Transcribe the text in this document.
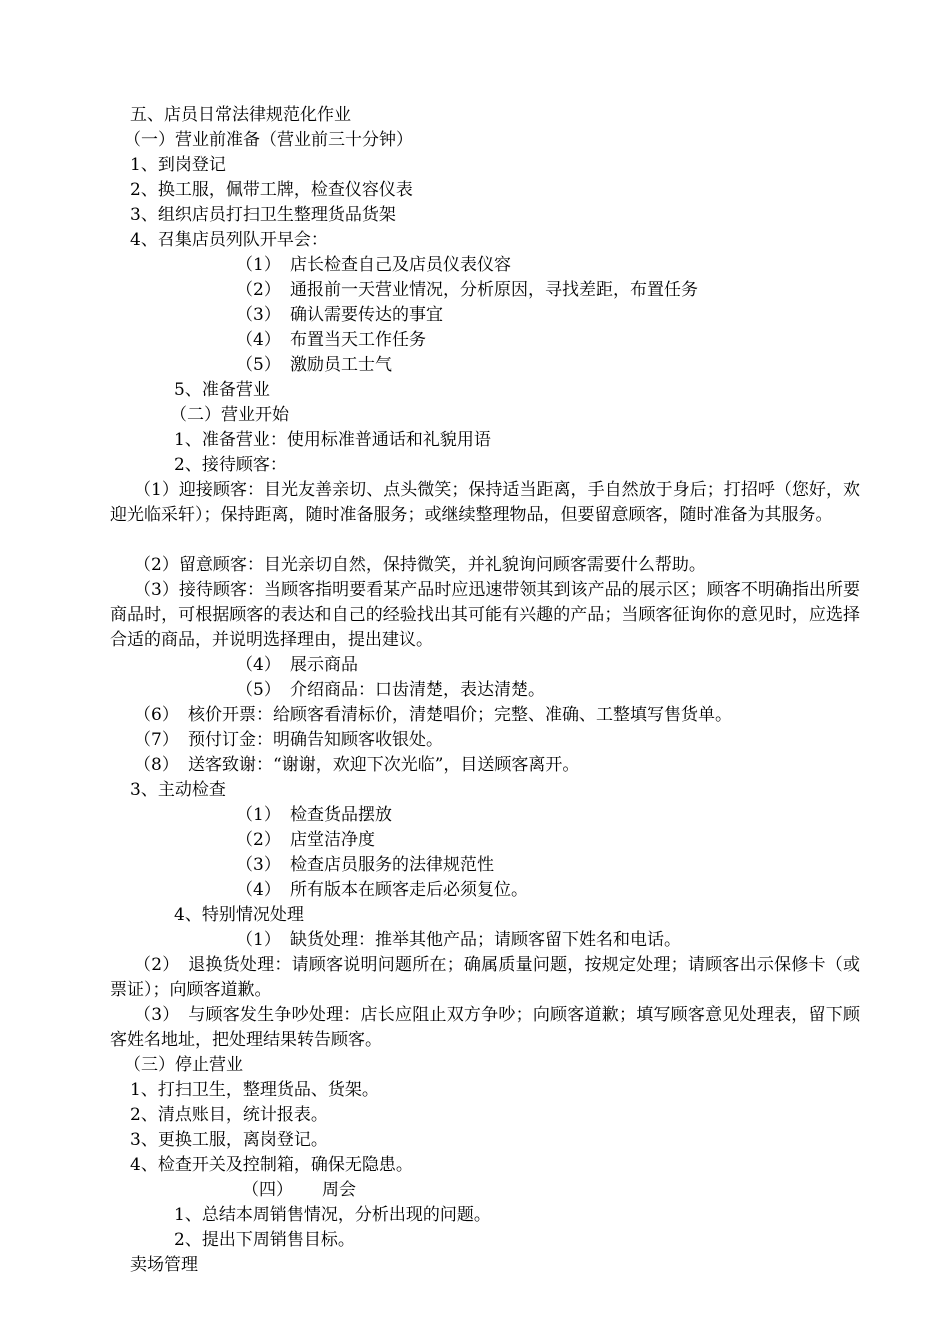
五、店员日常法律规范化作业

（一）营业前准备（营业前三十分钟）

1、到岗登记

2、换工服，佩带工牌，检查仪容仪表

3、组织店员打扫卫生整理货品货架

4、召集店员列队开早会：

（1） 店长检查自己及店员仪表仪容

（2） 通报前一天营业情况，分析原因，寻找差距，布置任务

（3） 确认需要传达的事宜

（4） 布置当天工作任务

（5） 激励员工士气

5、准备营业

（二）营业开始

1、准备营业：使用标准普通话和礼貌用语

2、接待顾客：

（1）迎接顾客：目光友善亲切、点头微笑；保持适当距离，手自然放于身后；打招呼（您好，欢迎光临采轩）；保持距离，随时准备服务；或继续整理物品，但要留意顾客，随时准备为其服务。

（2）留意顾客：目光亲切自然，保持微笑，并礼貌询问顾客需要什么帮助。

（3）接待顾客：当顾客指明要看某产品时应迅速带领其到该产品的展示区；顾客不明确指出所要商品时，可根据顾客的表达和自己的经验找出其可能有兴趣的产品；当顾客征询你的意见时，应选择合适的商品，并说明选择理由，提出建议。

（4） 展示商品

（5） 介绍商品：口齿清楚，表达清楚。

（6） 核价开票：给顾客看清标价，清楚唱价；完整、准确、工整填写售货单。

（7） 预付订金：明确告知顾客收银处。

（8） 送客致谢：“谢谢，欢迎下次光临”，目送顾客离开。

3、主动检查

（1） 检查货品摆放

（2） 店堂洁净度

（3） 检查店员服务的法律规范性

（4） 所有版本在顾客走后必须复位。

4、特别情况处理

（1） 缺货处理：推举其他产品；请顾客留下姓名和电话。

（2）　退换货处理：请顾客说明问题所在；确属质量问题，按规定处理；请顾客出示保修卡（或票证）；向顾客道歉。

（3）　与顾客发生争吵处理：店长应阻止双方争吵；向顾客道歉；填写顾客意见处理表，留下顾客姓名地址，把处理结果转告顾客。

（三）停止营业

1、打扫卫生，整理货品、货架。

2、清点账目，统计报表。

3、更换工服，离岗登记。

4、检查开关及控制箱，确保无隐患。

（四） 周会

1、总结本周销售情况，分析出现的问题。

2、提出下周销售目标。

卖场管理
